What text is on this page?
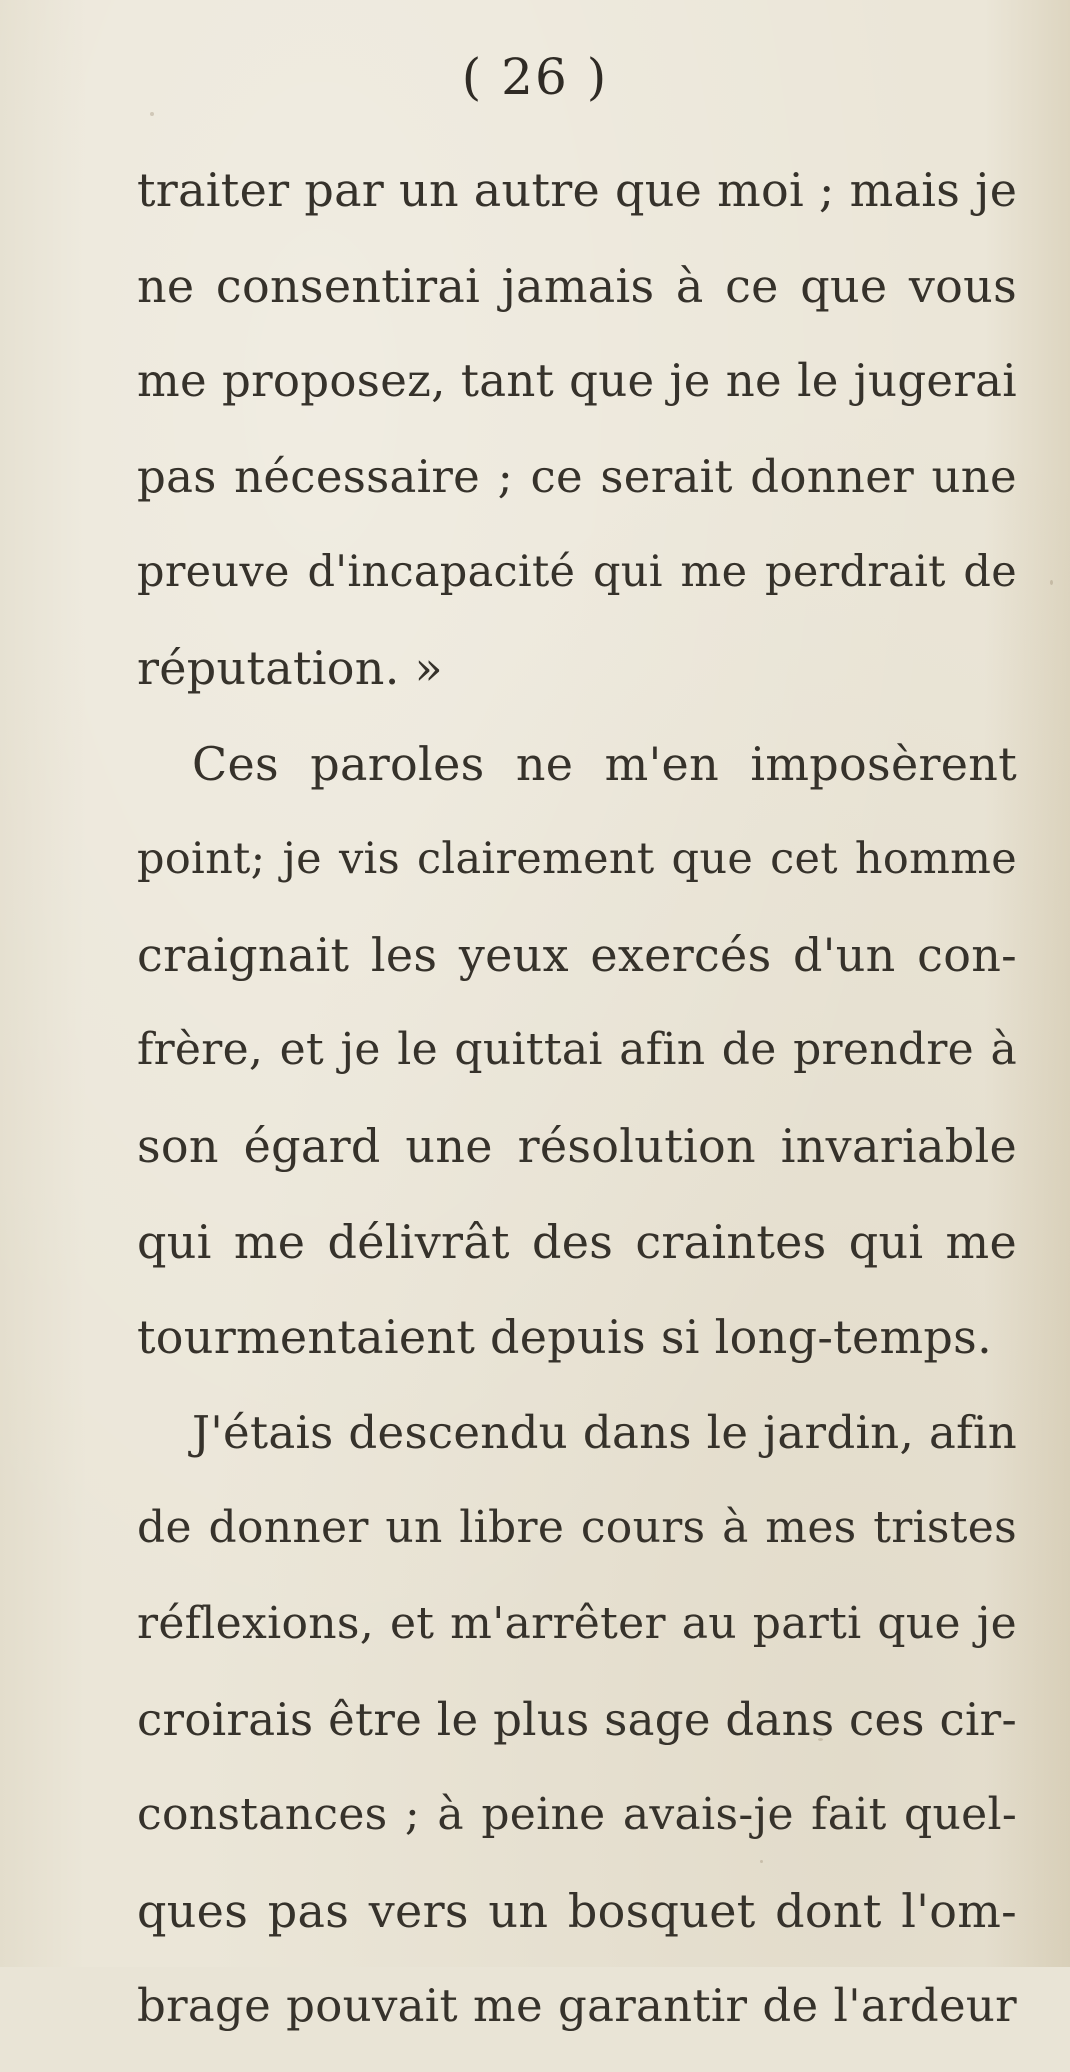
( 26 )
traiter par un autre que moi ; mais je
ne consentirai jamais à ce que vous
me proposez, tant que je ne le jugerai
pas nécessaire ; ce serait donner une
preuve d'incapacité qui me perdrait de
réputation. »
Ces paroles ne m'en imposèrent
point; je vis clairement que cet homme
craignait les yeux exercés d'un con-
frère, et je le quittai afin de prendre à
son égard une résolution invariable
qui me délivrât des craintes qui me
tourmentaient depuis si long-temps.
J'étais descendu dans le jardin, afin
de donner un libre cours à mes tristes
réflexions, et m'arrêter au parti que je
croirais être le plus sage dans ces cir-
constances ; à peine avais-je fait quel-
ques pas vers un bosquet dont l'om-
brage pouvait me garantir de l'ardeur
